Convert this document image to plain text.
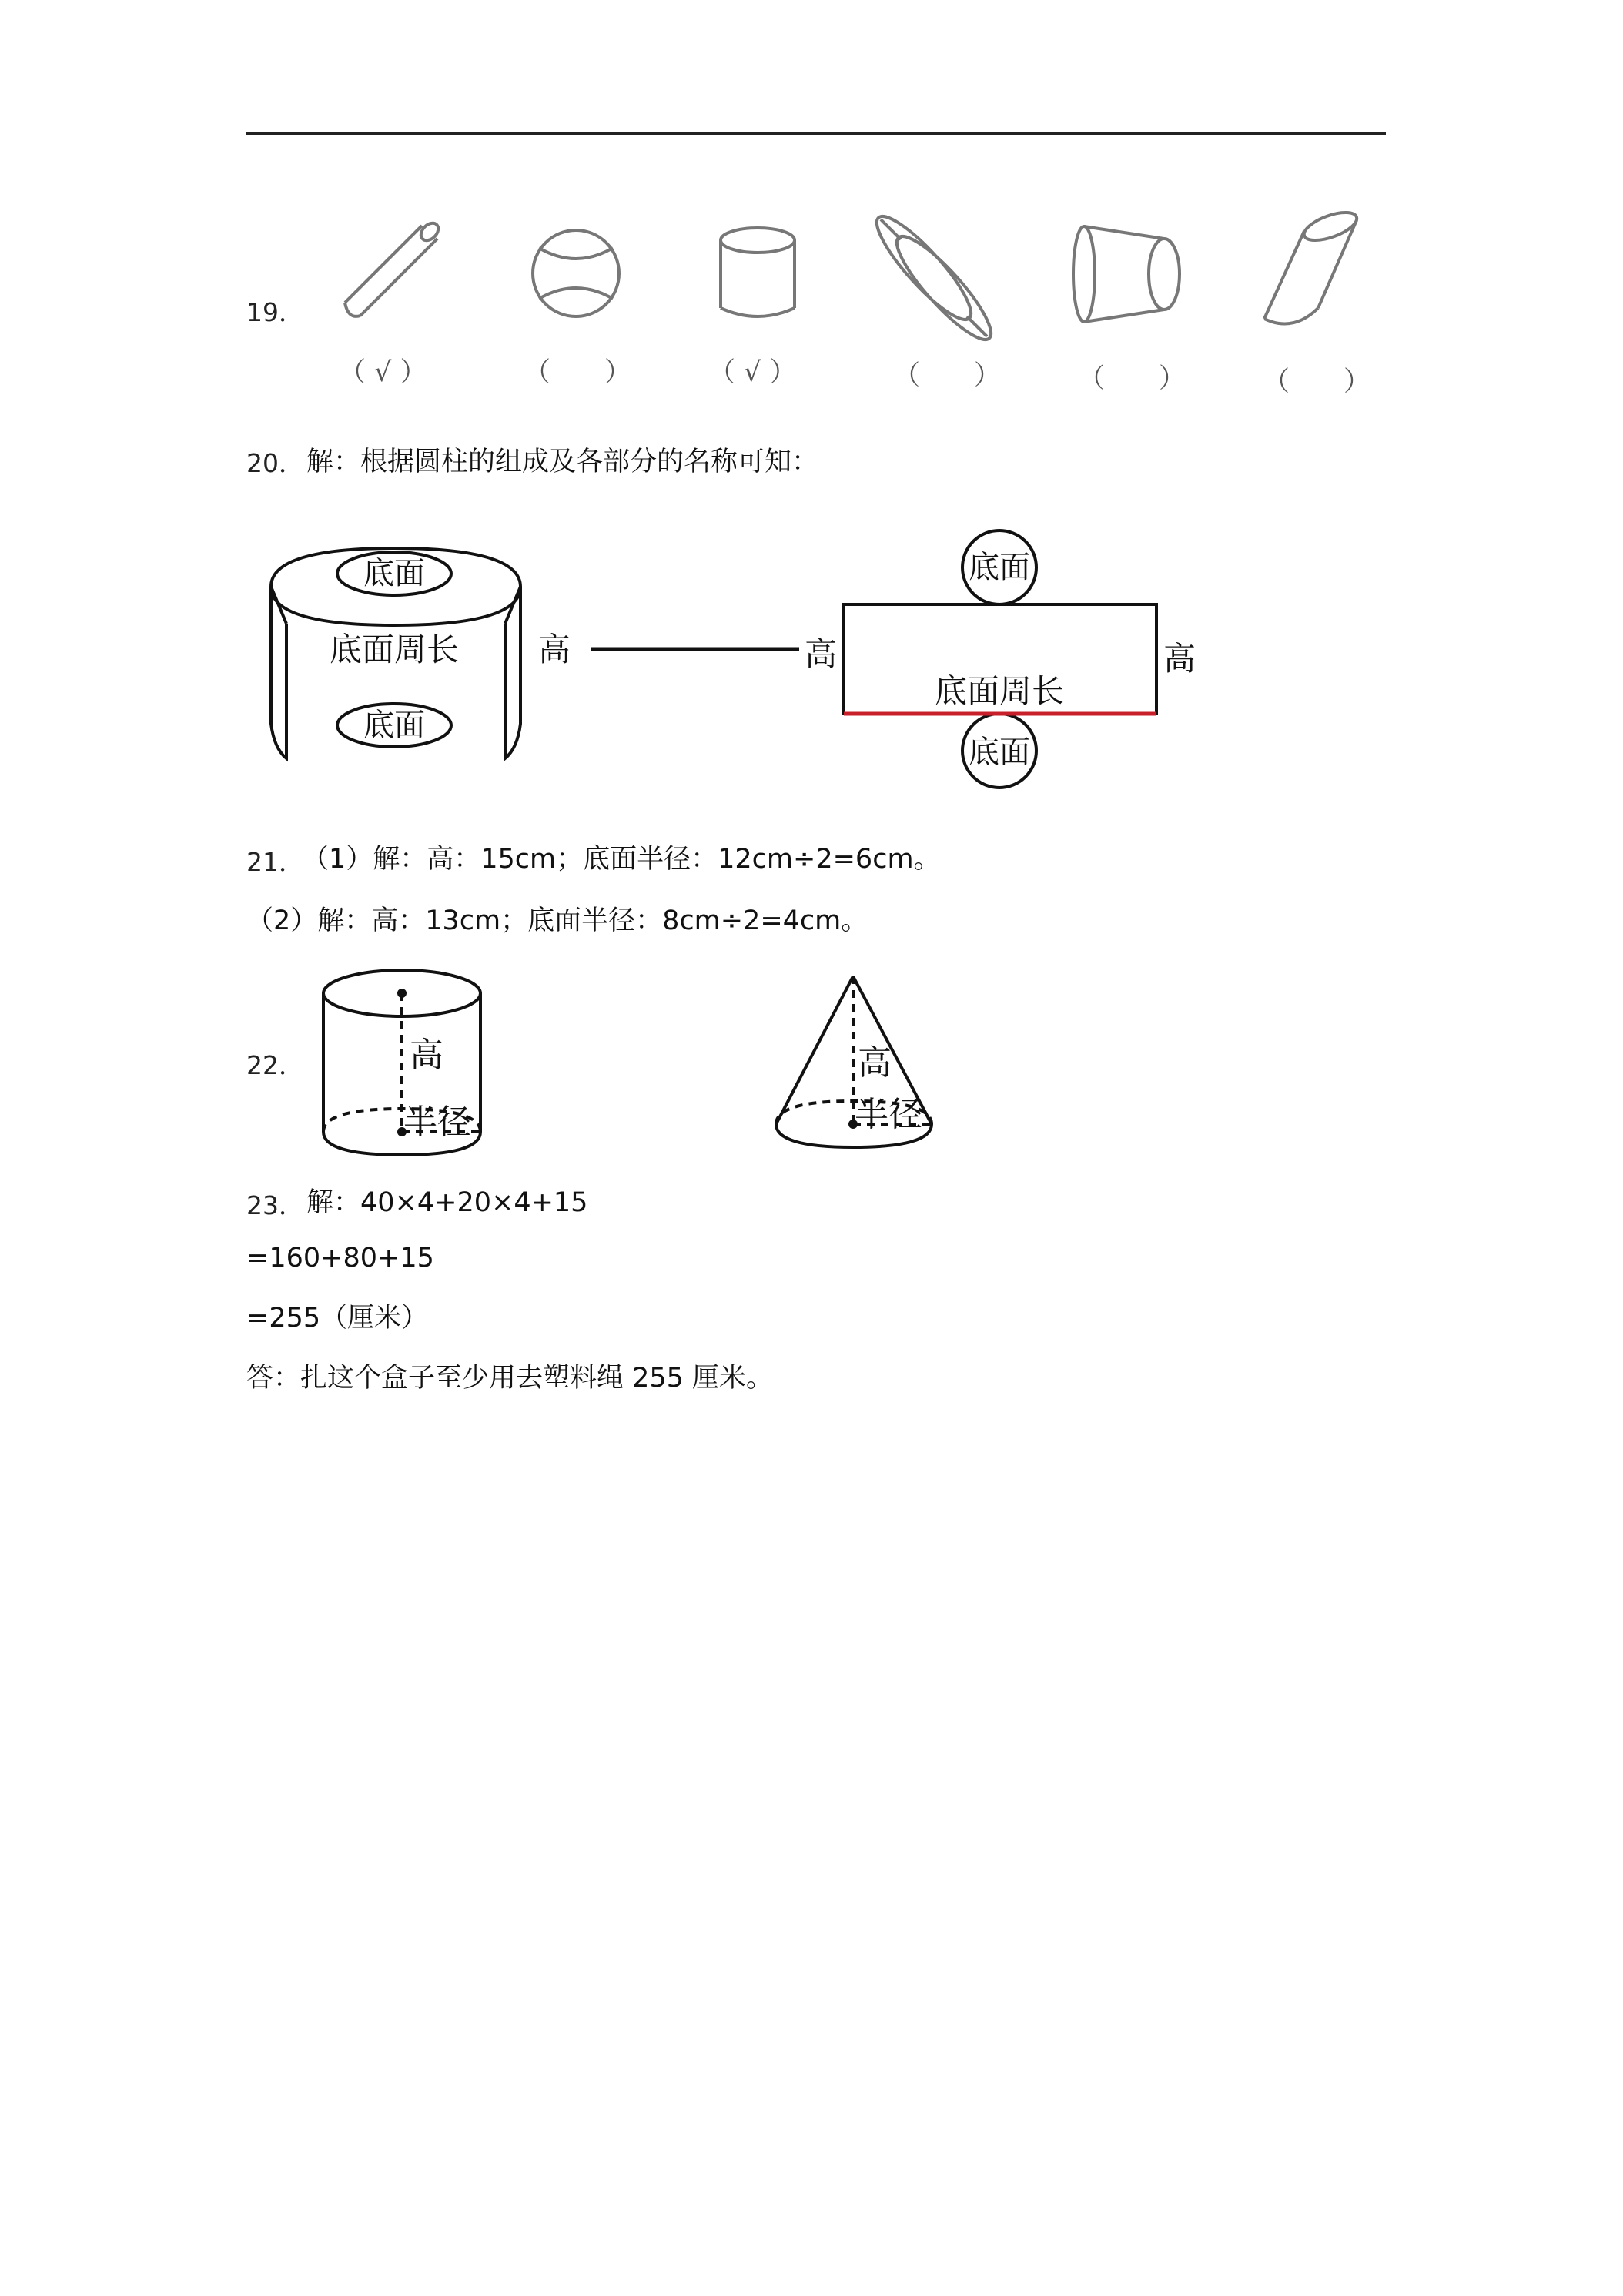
19．
（ √ ）	（　　）	（ √ ）	（　　）	（　　）	（　　）
20． 解：根据圆柱的组成及各部分的名称可知：
底面
底面周长
底面
高	高	高
底面
底面周长
底面
21．
（1）解：高：15cm；底面半径：12cm÷2=6cm。
（2）解：高：13cm；底面半径：8cm÷2=4cm。
22．	高
半径
高
半径
23． 解：40×4+20×4+15
=160+80+15
=255（厘米）
答：扎这个盒子至少用去塑料绳 255 厘米。
